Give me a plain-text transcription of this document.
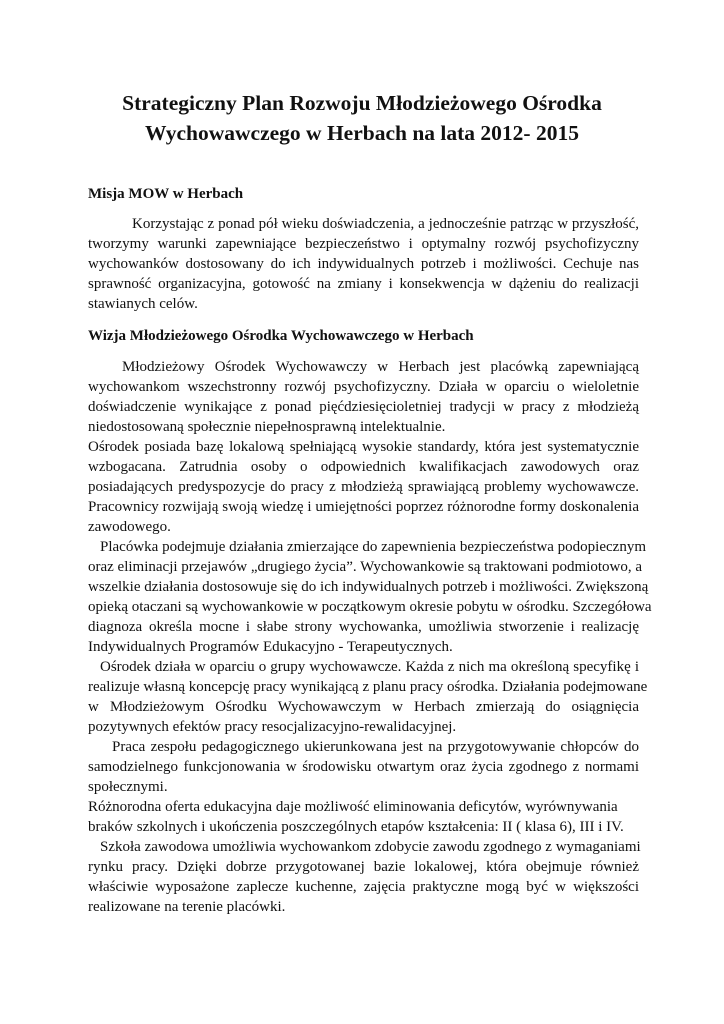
Strategiczny Plan Rozwoju Młodzieżowego Ośrodka
Wychowawczego w Herbach na lata 2012- 2015
Misja MOW w Herbach
Korzystając z ponad pół wieku doświadczenia, a jednocześnie patrząc w przyszłość,
tworzymy warunki zapewniające bezpieczeństwo i optymalny rozwój psychofizyczny
wychowanków dostosowany do ich indywidualnych potrzeb i możliwości. Cechuje nas
sprawność organizacyjna, gotowość na zmiany i konsekwencja w dążeniu do realizacji
stawianych celów.
Wizja Młodzieżowego Ośrodka Wychowawczego w Herbach
Młodzieżowy Ośrodek Wychowawczy w Herbach jest placówką zapewniającą
wychowankom wszechstronny rozwój psychofizyczny. Działa w oparciu o wieloletnie
doświadczenie wynikające z ponad pięćdziesięcioletniej tradycji w pracy z młodzieżą
niedostosowaną społecznie niepełnosprawną intelektualnie.
Ośrodek posiada bazę lokalową spełniającą wysokie standardy, która jest systematycznie
wzbogacana. Zatrudnia osoby o odpowiednich kwalifikacjach zawodowych oraz
posiadających predyspozycje do pracy z młodzieżą sprawiającą problemy wychowawcze.
Pracownicy rozwijają swoją wiedzę i umiejętności poprzez różnorodne formy doskonalenia
zawodowego.
Placówka podejmuje działania zmierzające do zapewnienia bezpieczeństwa podopiecznym
oraz eliminacji przejawów „drugiego życia”. Wychowankowie są traktowani podmiotowo, a
wszelkie działania dostosowuje się do ich indywidualnych potrzeb i możliwości. Zwiększoną
opieką otaczani są wychowankowie w początkowym okresie pobytu w ośrodku. Szczegółowa
diagnoza określa mocne i słabe strony wychowanka, umożliwia stworzenie i realizację
Indywidualnych Programów Edukacyjno - Terapeutycznych.
Ośrodek działa w oparciu o grupy wychowawcze. Każda z nich ma określoną specyfikę i
realizuje własną koncepcję pracy wynikającą z planu pracy ośrodka. Działania podejmowane
w Młodzieżowym Ośrodku Wychowawczym w Herbach zmierzają do osiągnięcia
pozytywnych efektów pracy resocjalizacyjno-rewalidacyjnej.
Praca zespołu pedagogicznego ukierunkowana jest na przygotowywanie chłopców do
samodzielnego funkcjonowania w środowisku otwartym oraz życia zgodnego z normami
społecznymi.
Różnorodna oferta edukacyjna daje możliwość eliminowania deficytów, wyrównywania
braków szkolnych i ukończenia poszczególnych etapów kształcenia: II ( klasa 6), III i IV.
Szkoła zawodowa umożliwia wychowankom zdobycie zawodu zgodnego z wymaganiami
rynku pracy. Dzięki dobrze przygotowanej bazie lokalowej, która obejmuje również
właściwie wyposażone zaplecze kuchenne, zajęcia praktyczne mogą być w większości
realizowane na terenie placówki.
